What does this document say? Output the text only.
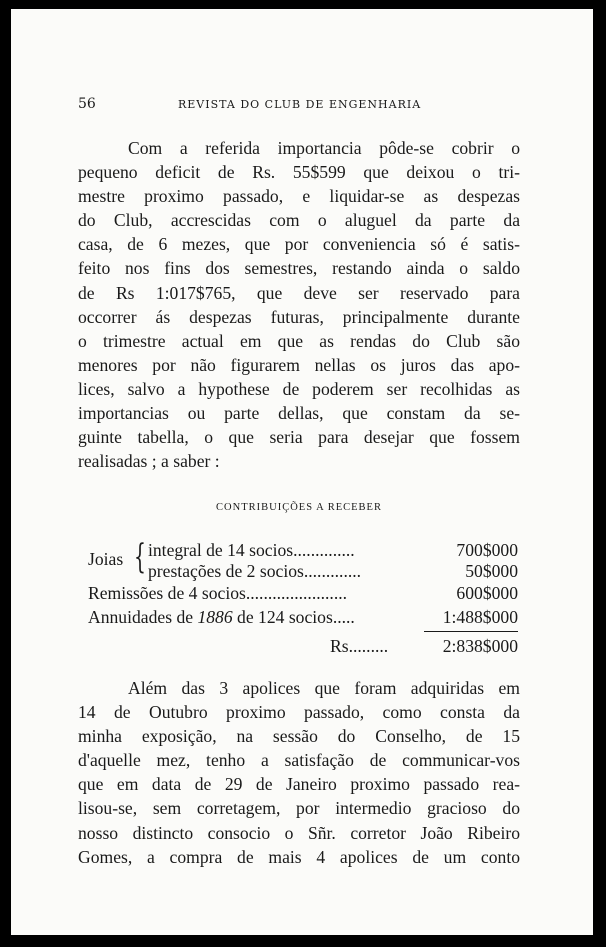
56	REVISTA DO CLUB DE ENGENHARIA
Com a referida importancia pôde-se cobrir o
pequeno deficit de Rs. 55$599 que deixou o tri-
mestre proximo passado, e liquidar-se as despezas
do Club, accrescidas com o aluguel da parte da
casa, de 6 mezes, que por conveniencia só é satis-
feito nos fins dos semestres, restando ainda o saldo
de Rs 1:017$765, que deve ser reservado para
occorrer ás despezas futuras, principalmente durante
o trimestre actual em que as rendas do Club são
menores por não figurarem nellas os juros das apo-
lices, salvo a hypothese de poderem ser recolhidas as
importancias ou parte dellas, que constam da se-
guinte tabella, o que seria para desejar que fossem
realisadas ; a saber :
CONTRIBUIÇÕES A RECEBER
Joias { integral de 14 socios..............	700$000
prestações de 2 socios.............	50$000
Remissões de 4 socios.......................	600$000
Annuidades de 1886 de 124 socios.....	1:488$000
Rs.........	2:838$000
Além das 3 apolices que foram adquiridas em
14 de Outubro proximo passado, como consta da
minha exposição, na sessão do Conselho, de 15
d'aquelle mez, tenho a satisfação de communicar-vos
que em data de 29 de Janeiro proximo passado rea-
lisou-se, sem corretagem, por intermedio gracioso do
nosso distincto consocio o Sñr. corretor João Ribeiro
Gomes, a compra de mais 4 apolices de um conto
